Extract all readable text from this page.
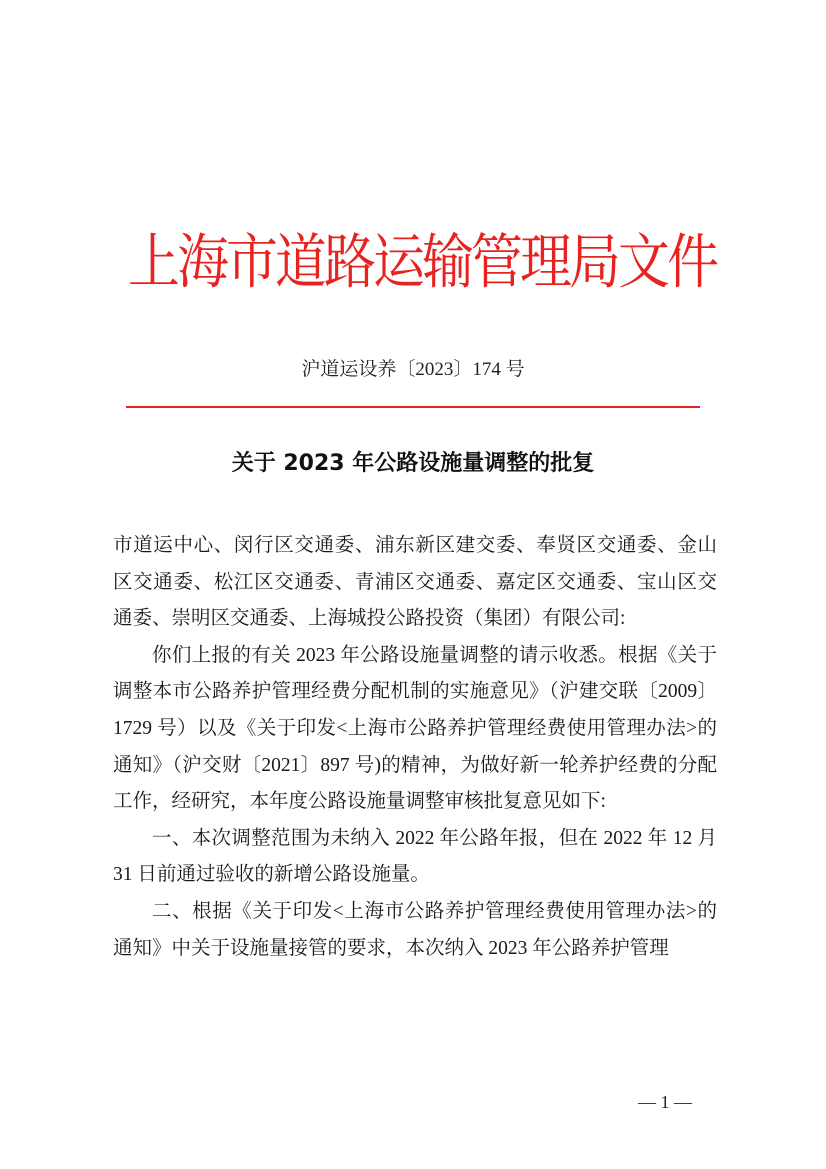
上海市道路运输管理局文件
沪道运设养〔2023〕174 号
关于 2023 年公路设施量调整的批复

市道运中心、闵行区交通委、浦东新区建交委、奉贤区交通委、金山区交通委、松江区交通委、青浦区交通委、嘉定区交通委、宝山区交通委、崇明区交通委、上海城投公路投资（集团）有限公司:

你们上报的有关 2023 年公路设施量调整的请示收悉。根据《关于调整本市公路养护管理经费分配机制的实施意见》（沪建交联〔2009〕1729 号）以及《关于印发<上海市公路养护管理经费使用管理办法>的通知》（沪交财〔2021〕897 号)的精神，为做好新一轮养护经费的分配工作，经研究，本年度公路设施量调整审核批复意见如下:

一、本次调整范围为未纳入 2022 年公路年报，但在 2022 年 12 月 31 日前通过验收的新增公路设施量。

二、根据《关于印发<上海市公路养护管理经费使用管理办法>的通知》中关于设施量接管的要求，本次纳入 2023 年公路养护管理

— 1 —
